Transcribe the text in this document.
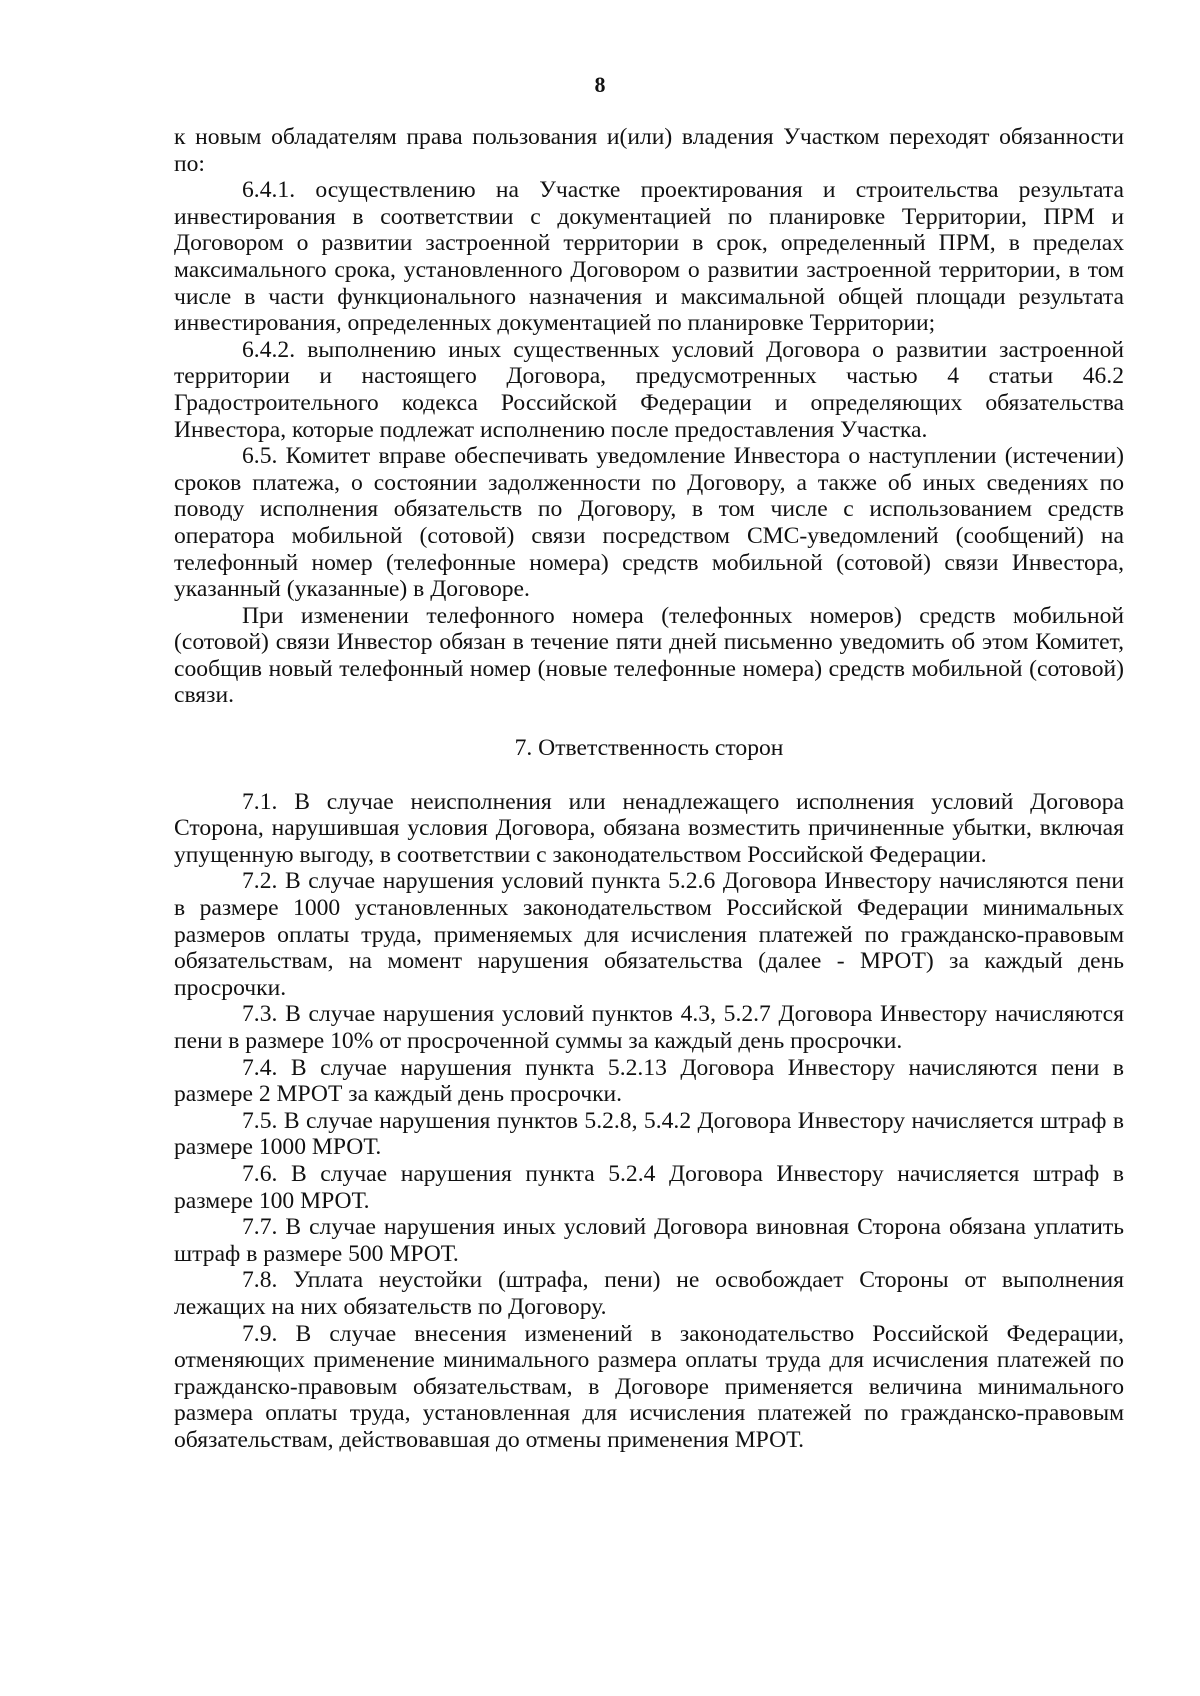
8

к новым обладателям права пользования и(или) владения Участком переходят обязанности по:

6.4.1. осуществлению на Участке проектирования и строительства результата инвестирования в соответствии с документацией по планировке Территории, ПРМ и Договором о развитии застроенной территории в срок, определенный ПРМ, в пределах максимального срока, установленного Договором о развитии застроенной территории, в том числе в части функционального назначения и максимальной общей площади результата инвестирования, определенных документацией по планировке Территории;

6.4.2. выполнению иных существенных условий Договора о развитии застроенной территории и настоящего Договора, предусмотренных частью 4 статьи 46.2 Градостроительного кодекса Российской Федерации и определяющих обязательства Инвестора, которые подлежат исполнению после предоставления Участка.

6.5. Комитет вправе обеспечивать уведомление Инвестора о наступлении (истечении) сроков платежа, о состоянии задолженности по Договору, а также об иных сведениях по поводу исполнения обязательств по Договору, в том числе с использованием средств оператора мобильной (сотовой) связи посредством СМС-уведомлений (сообщений) на телефонный номер (телефонные номера) средств мобильной (сотовой) связи Инвестора, указанный (указанные) в Договоре.

При изменении телефонного номера (телефонных номеров) средств мобильной (сотовой) связи Инвестор обязан в течение пяти дней письменно уведомить об этом Комитет, сообщив новый телефонный номер (новые телефонные номера) средств мобильной (сотовой) связи.

7. Ответственность сторон

7.1. В случае неисполнения или ненадлежащего исполнения условий Договора Сторона, нарушившая условия Договора, обязана возместить причиненные убытки, включая упущенную выгоду, в соответствии с законодательством Российской Федерации.

7.2. В случае нарушения условий пункта 5.2.6 Договора Инвестору начисляются пени в размере 1000 установленных законодательством Российской Федерации минимальных размеров оплаты труда, применяемых для исчисления платежей по гражданско-правовым обязательствам, на момент нарушения обязательства (далее - МРОТ) за каждый день просрочки.

7.3. В случае нарушения условий пунктов 4.3, 5.2.7 Договора Инвестору начисляются пени в размере 10% от просроченной суммы за каждый день просрочки.

7.4. В случае нарушения пункта 5.2.13 Договора Инвестору начисляются пени в размере 2 МРОТ за каждый день просрочки.

7.5. В случае нарушения пунктов 5.2.8, 5.4.2 Договора Инвестору начисляется штраф в размере 1000 МРОТ.

7.6. В случае нарушения пункта 5.2.4 Договора Инвестору начисляется штраф в размере 100 МРОТ.

7.7. В случае нарушения иных условий Договора виновная Сторона обязана уплатить штраф в размере 500 МРОТ.

7.8. Уплата неустойки (штрафа, пени) не освобождает Стороны от выполнения лежащих на них обязательств по Договору.

7.9. В случае внесения изменений в законодательство Российской Федерации, отменяющих применение минимального размера оплаты труда для исчисления платежей по гражданско-правовым обязательствам, в Договоре применяется величина минимального размера оплаты труда, установленная для исчисления платежей по гражданско-правовым обязательствам, действовавшая до отмены применения МРОТ.
